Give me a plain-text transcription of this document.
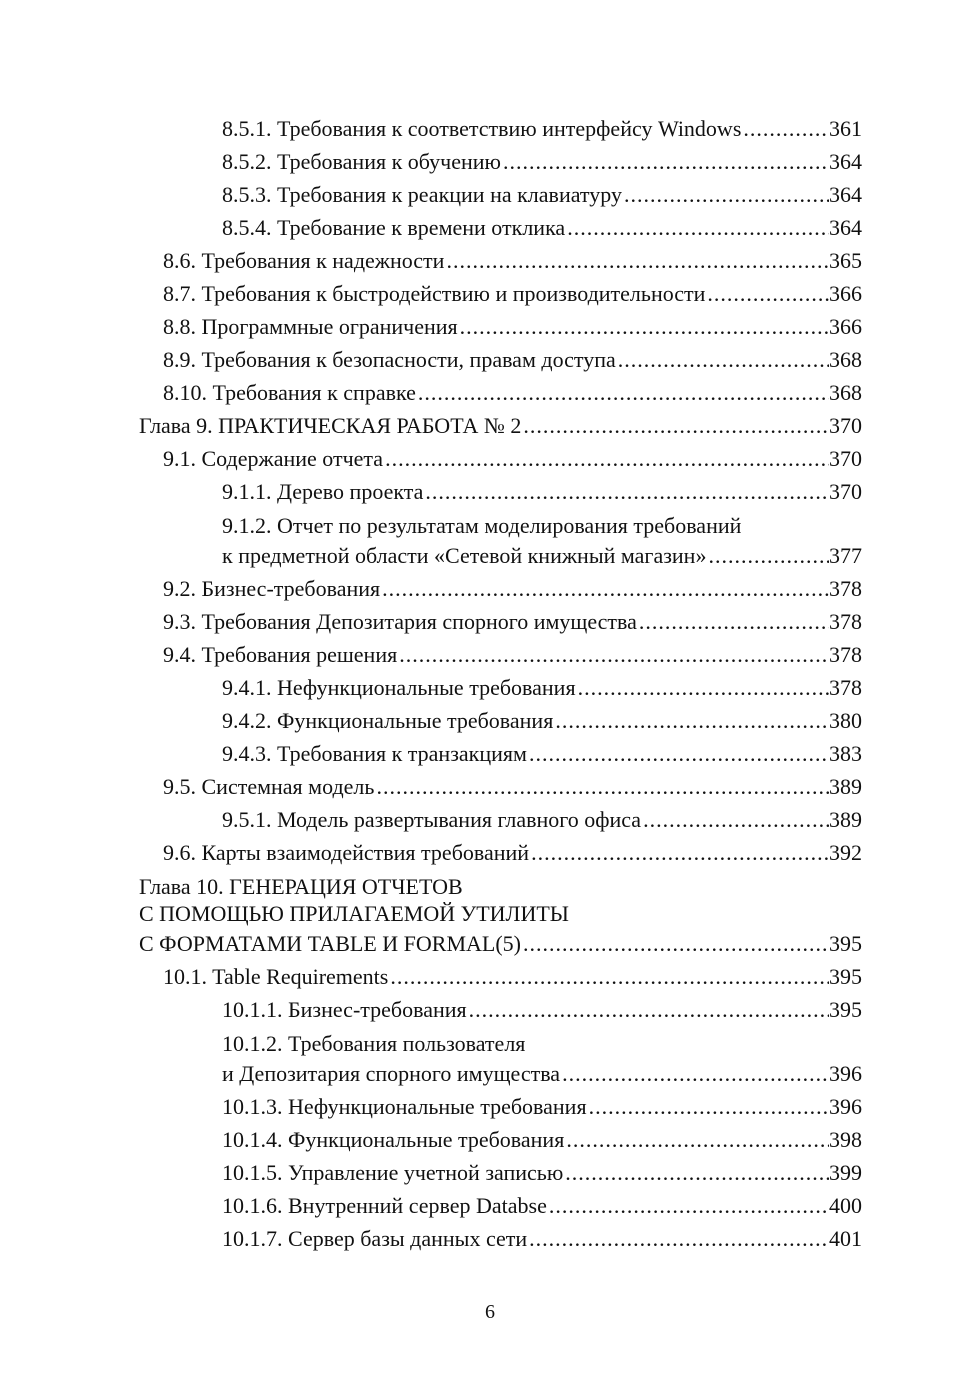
8.5.1. Требования к соответствию интерфейсу Windows .....	361
8.5.2. Требования к обучению .....	364
8.5.3. Требования к реакции на клавиатуру .....	364
8.5.4. Требование к времени отклика .....	364
8.6. Требования к надежности .....	365
8.7. Требования к быстродействию и производительности .....	366
8.8. Программные ограничения .....	366
8.9. Требования к безопасности, правам доступа .....	368
8.10. Требования к справке .....	368
Глава 9. ПРАКТИЧЕСКАЯ РАБОТА № 2 .....	370
9.1. Содержание отчета .....	370
9.1.1. Дерево проекта .....	370
9.1.2. Отчет по результатам моделирования требований
к предметной области «Сетевой книжный магазин» .....	377
9.2. Бизнес-требования .....	378
9.3. Требования Депозитария спорного имущества .....	378
9.4. Требования решения .....	378
9.4.1. Нефункциональные требования .....	378
9.4.2. Функциональные требования .....	380
9.4.3. Требования к транзакциям .....	383
9.5. Системная модель .....	389
9.5.1. Модель развертывания главного офиса .....	389
9.6. Карты взаимодействия требований .....	392
Глава 10. ГЕНЕРАЦИЯ ОТЧЕТОВ
С ПОМОЩЬЮ ПРИЛАГАЕМОЙ УТИЛИТЫ
С ФОРМАТАМИ TABLE И FORMAL(5) .....	395
10.1. Table Requirements .....	395
10.1.1. Бизнес-требования .....	395
10.1.2. Требования пользователя
и Депозитария спорного имущества .....	396
10.1.3. Нефункциональные требования .....	396
10.1.4. Функциональные требования .....	398
10.1.5. Управление учетной записью .....	399
10.1.6. Внутренний сервер Databse .....	400
10.1.7. Сервер базы данных сети .....	401
6
